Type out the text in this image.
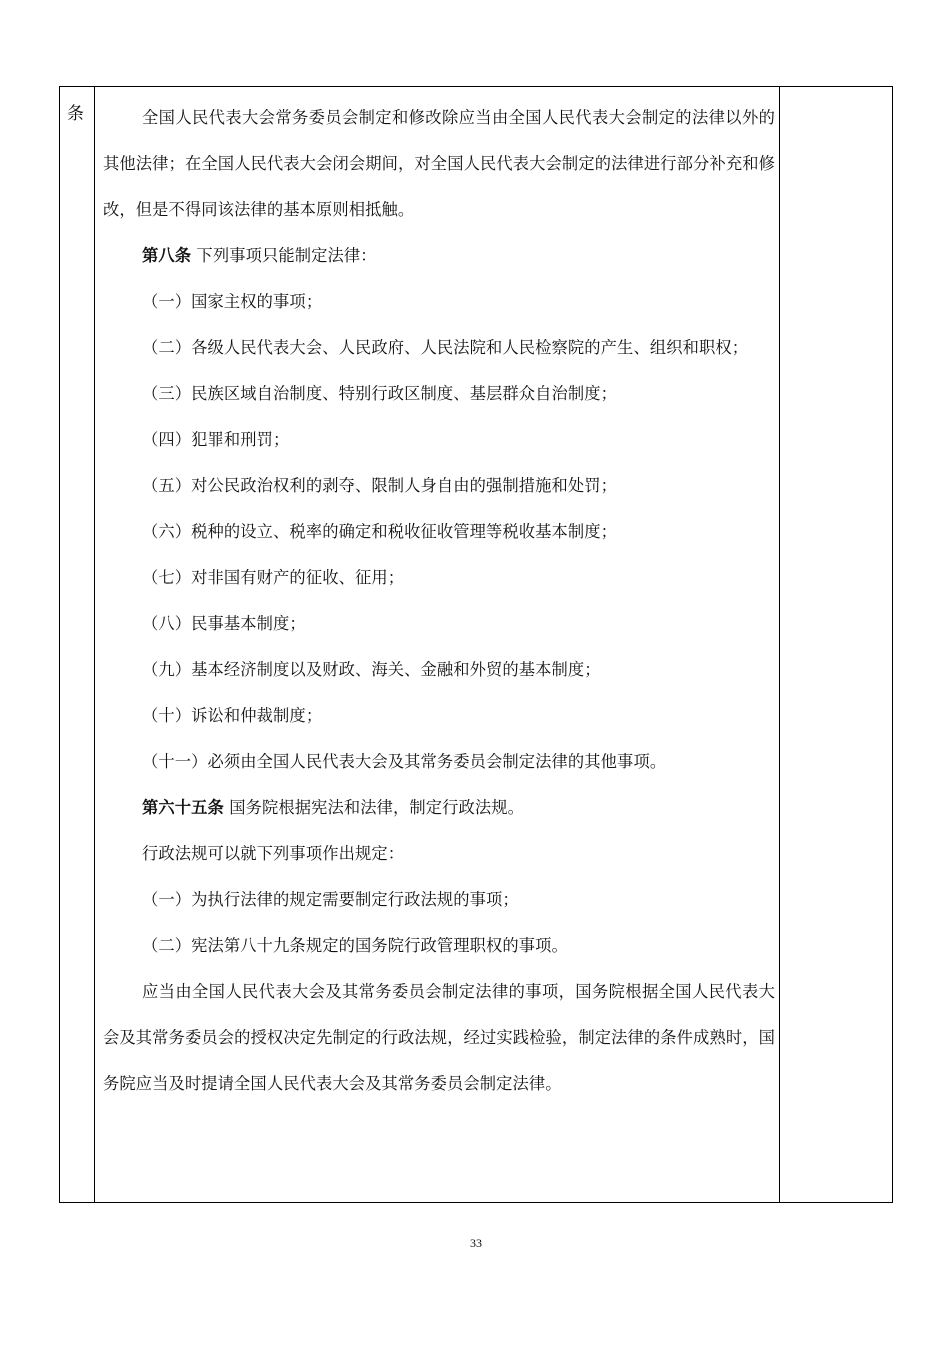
条	全国人民代表大会常务委员会制定和修改除应当由全国人民代表大会制定的法律以外的其他法律；在全国人民代表大会闭会期间，对全国人民代表大会制定的法律进行部分补充和修改，但是不得同该法律的基本原则相抵触。

第八条 下列事项只能制定法律：

（一）国家主权的事项；

（二）各级人民代表大会、人民政府、人民法院和人民检察院的产生、组织和职权；

（三）民族区域自治制度、特别行政区制度、基层群众自治制度；

（四）犯罪和刑罚；

（五）对公民政治权利的剥夺、限制人身自由的强制措施和处罚；

（六）税种的设立、税率的确定和税收征收管理等税收基本制度；

（七）对非国有财产的征收、征用；

（八）民事基本制度；

（九）基本经济制度以及财政、海关、金融和外贸的基本制度；

（十）诉讼和仲裁制度；

（十一）必须由全国人民代表大会及其常务委员会制定法律的其他事项。

第六十五条 国务院根据宪法和法律，制定行政法规。

行政法规可以就下列事项作出规定：

（一）为执行法律的规定需要制定行政法规的事项；

（二）宪法第八十九条规定的国务院行政管理职权的事项。

应当由全国人民代表大会及其常务委员会制定法律的事项，国务院根据全国人民代表大会及其常务委员会的授权决定先制定的行政法规，经过实践检验，制定法律的条件成熟时，国务院应当及时提请全国人民代表大会及其常务委员会制定法律。

33
